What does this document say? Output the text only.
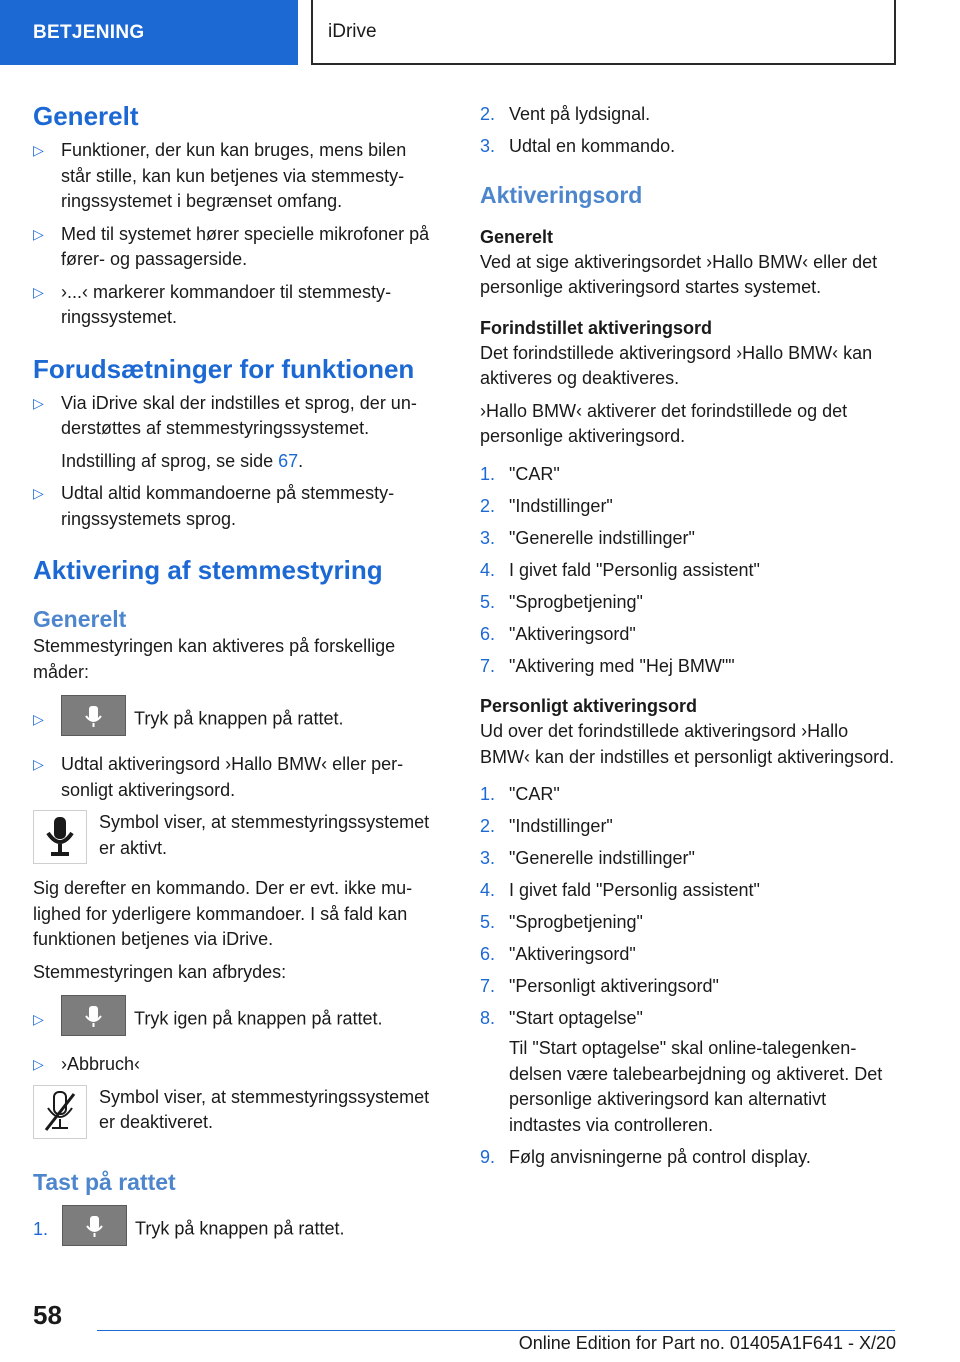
BETJENING	iDrive
Generelt
▷ Funktioner, der kun kan bruges, mens bilen står stille, kan kun betjenes via stemmestyringssystemet i begrænset omfang.
▷ Med til systemet hører specielle mikrofoner på fører- og passagerside.
▷ ›...‹ markerer kommandoer til stemmestyringssystemet.
Forudsætninger for funktionen
▷ Via iDrive skal der indstilles et sprog, der understøttes af stemmestyringssystemet.
Indstilling af sprog, se side 67.
▷ Udtal altid kommandoerne på stemmestyringssystemets sprog.
Aktivering af stemmestyring
Generelt
Stemmestyringen kan aktiveres på forskellige måder:
▷	Tryk på knappen på rattet.
▷ Udtal aktiveringsord ›Hallo BMW‹ eller personligt aktiveringsord.
Symbol viser, at stemmestyringssystemet er aktivt.
Sig derefter en kommando. Der er evt. ikke mulighed for yderligere kommandoer. I så fald kan funktionen betjenes via iDrive.
Stemmestyringen kan afbrydes:
▷	Tryk igen på knappen på rattet.
▷ ›Abbruch‹
Symbol viser, at stemmestyringssystemet er deaktiveret.
Tast på rattet
1.	Tryk på knappen på rattet.
2. Vent på lydsignal.
3. Udtal en kommando.
Aktiveringsord
Generelt
Ved at sige aktiveringsordet ›Hallo BMW‹ eller det personlige aktiveringsord startes systemet.
Forindstillet aktiveringsord
Det forindstillede aktiveringsord ›Hallo BMW‹ kan aktiveres og deaktiveres.
›Hallo BMW‹ aktiverer det forindstillede og det personlige aktiveringsord.
1. "CAR"
2. "Indstillinger"
3. "Generelle indstillinger"
4. I givet fald "Personlig assistent"
5. "Sprogbetjening"
6. "Aktiveringsord"
7. "Aktivering med "Hej BMW""
Personligt aktiveringsord
Ud over det forindstillede aktiveringsord ›Hallo BMW‹ kan der indstilles et personligt aktiveringsord.
1. "CAR"
2. "Indstillinger"
3. "Generelle indstillinger"
4. I givet fald "Personlig assistent"
5. "Sprogbetjening"
6. "Aktiveringsord"
7. "Personligt aktiveringsord"
8. "Start optagelse"
Til "Start optagelse" skal online-talegenkendelsen være talebearbejdning og aktiveret. Det personlige aktiveringsord kan alternativt indtastes via controlleren.
9. Følg anvisningerne på control display.
58
Online Edition for Part no. 01405A1F641 - X/20
